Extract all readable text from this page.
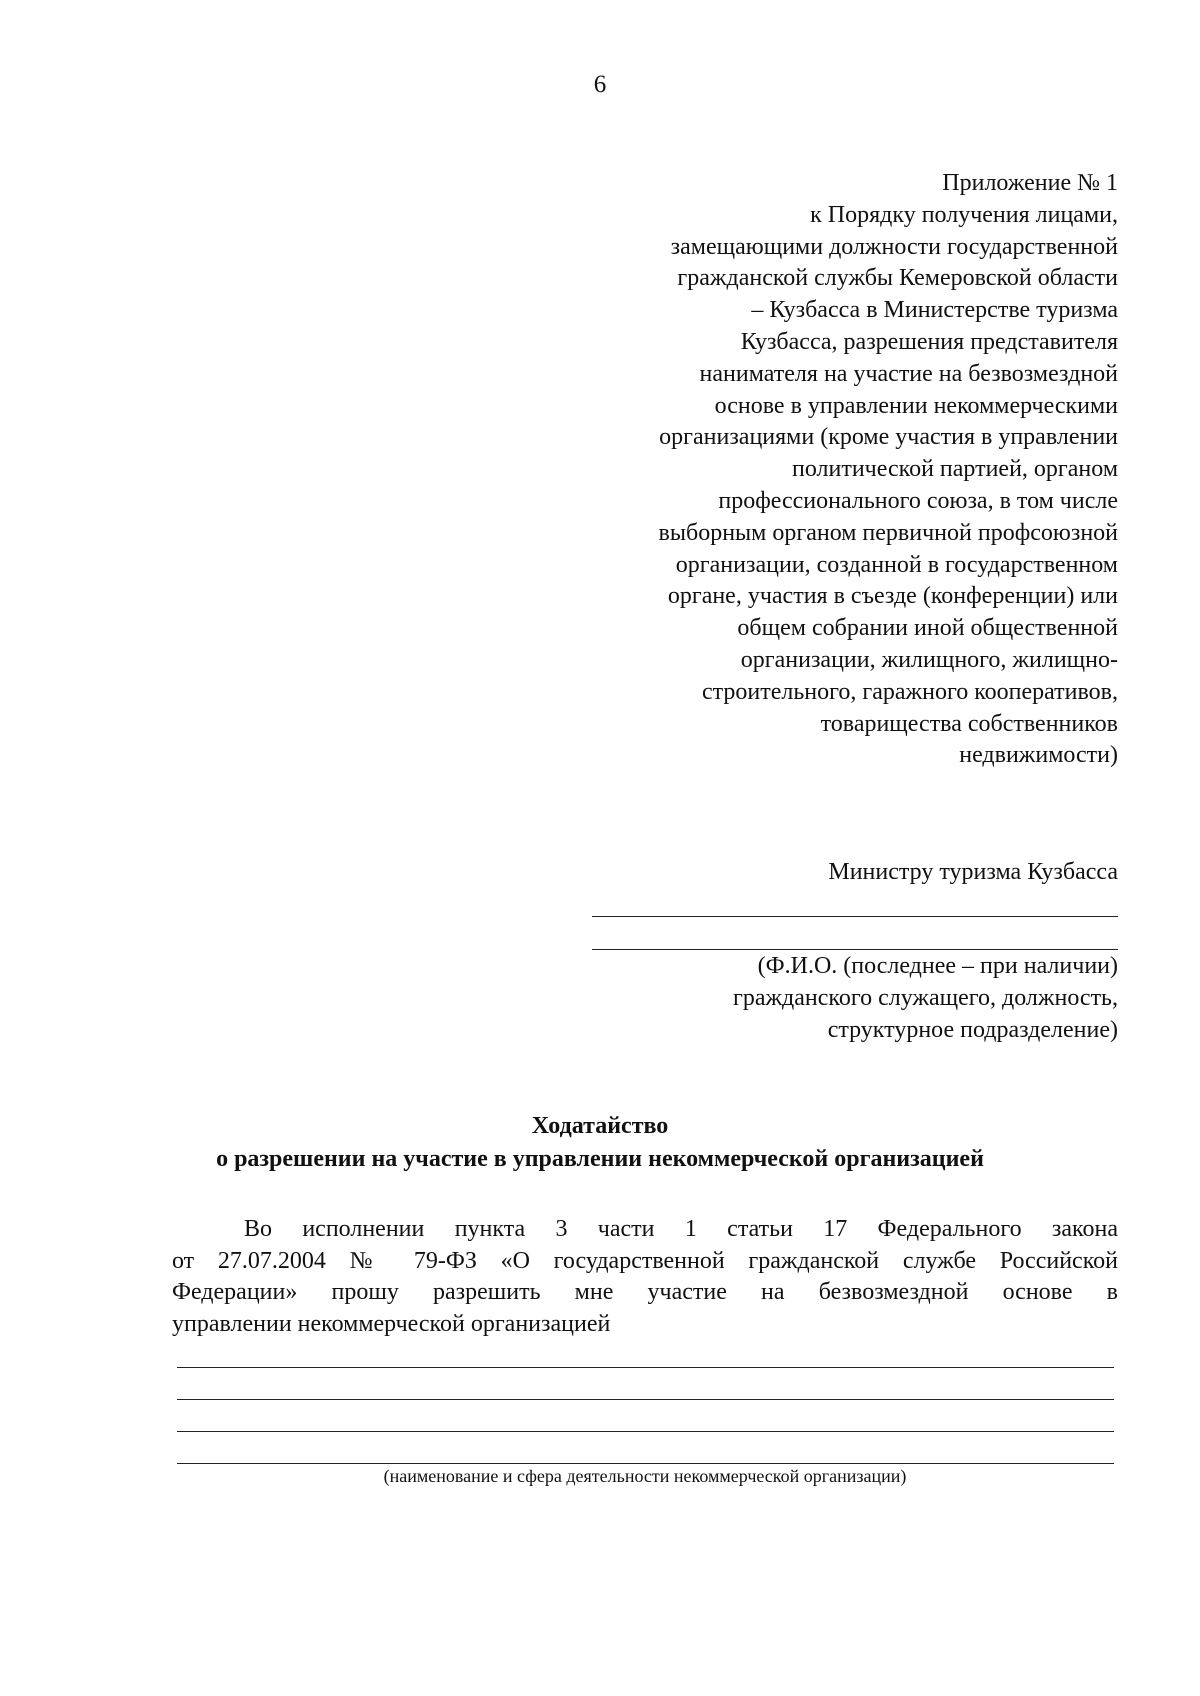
6
Приложение № 1
к Порядку получения лицами,
замещающими должности государственной
гражданской службы Кемеровской области
– Кузбасса в Министерстве туризма
Кузбасса, разрешения представителя
нанимателя на участие на безвозмездной
основе в управлении некоммерческими
организациями (кроме участия в управлении
политической партией, органом
профессионального союза, в том числе
выборным органом первичной профсоюзной
организации, созданной в государственном
органе, участия в съезде (конференции) или
общем собрании иной общественной
организации, жилищного, жилищно-
строительного, гаражного кооперативов,
товарищества собственников
недвижимости)
Министру туризма Кузбасса
(Ф.И.О. (последнее – при наличии)
гражданского служащего, должность,
структурное подразделение)
Ходатайство
о разрешении на участие в управлении некоммерческой организацией
Во исполнении пункта 3 части 1 статьи 17 Федерального закона
от 27.07.2004 № 79-ФЗ «О государственной гражданской службе Российской
Федерации» прошу разрешить мне участие на безвозмездной основе в
управлении некоммерческой организацией
(наименование и сфера деятельности некоммерческой организации)
